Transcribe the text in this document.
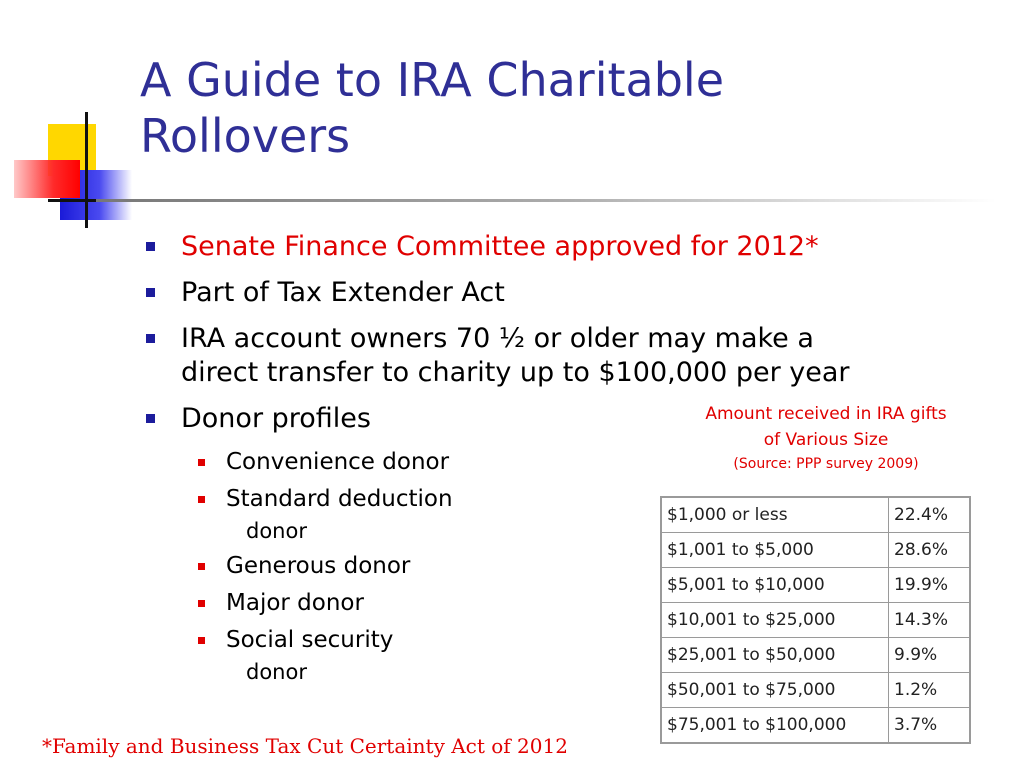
A Guide to IRA Charitable
Rollovers
Senate Finance Committee approved for 2012*
Part of Tax Extender Act
IRA account owners 70 ½ or older may make a
direct transfer to charity up to $100,000 per year
Donor profiles
Convenience donor
Standard deduction
donor
Generous donor
Major donor
Social security
donor
Amount received in IRA gifts
of Various Size
(Source: PPP survey 2009)
$1,000 or less	22.4%
$1,001 to $5,000	28.6%
$5,001 to $10,000	19.9%
$10,001 to $25,000	14.3%
$25,001 to $50,000	9.9%
$50,001 to $75,000	1.2%
$75,001 to $100,000	3.7%
*Family and Business Tax Cut Certainty Act of 2012
